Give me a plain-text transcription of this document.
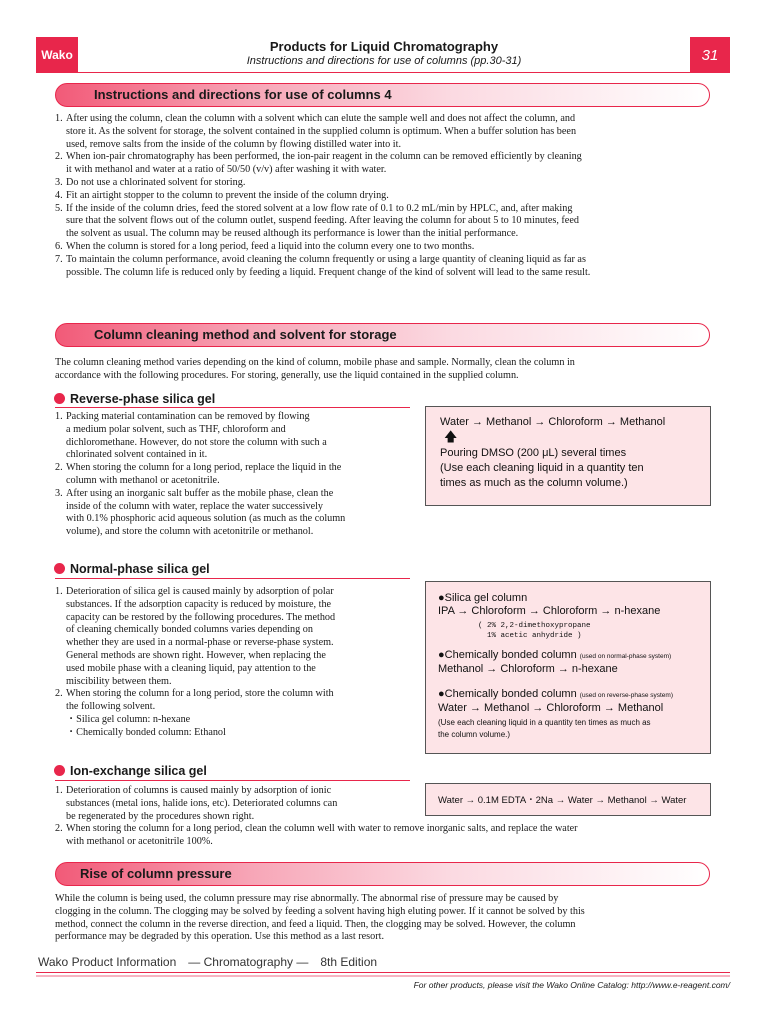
Wako
Products for Liquid Chromatography
Instructions and directions for use of columns (pp.30-31)	31
Instructions and directions for use of columns 4
1. After using the column, clean the column with a solvent which can elute the sample well and does not affect the column, and
store it. As the solvent for storage, the solvent contained in the supplied column is optimum. When a buffer solution has been
used, remove salts from the inside of the column by flowing distilled water into it.
2. When ion-pair chromatography has been performed, the ion-pair reagent in the column can be removed efficiently by cleaning
it with methanol and water at a ratio of 50/50 (v/v) after washing it with water.
3. Do not use a chlorinated solvent for storing.
4. Fit an airtight stopper to the column to prevent the inside of the column drying.
5. If the inside of the column dries, feed the stored solvent at a low flow rate of 0.1 to 0.2 mL/min by HPLC, and, after making
sure that the solvent flows out of the column outlet, suspend feeding. After leaving the column for about 5 to 10 minutes, feed
the solvent as usual. The column may be reused although its performance is lower than the initial performance.
6. When the column is stored for a long period, feed a liquid into the column every one to two months.
7. To maintain the column performance, avoid cleaning the column frequently or using a large quantity of cleaning liquid as far as
possible. The column life is reduced only by feeding a liquid. Frequent change of the kind of solvent will lead to the same result.
Column cleaning method and solvent for storage
The column cleaning method varies depending on the kind of column, mobile phase and sample. Normally, clean the column in
accordance with the following procedures. For storing, generally, use the liquid contained in the supplied column.
Reverse-phase silica gel
1. Packing material contamination can be removed by flowing
a medium polar solvent, such as THF, chloroform and
dichloromethane. However, do not store the column with such a
chlorinated solvent contained in it.
2. When storing the column for a long period, replace the liquid in the
column with methanol or acetonitrile.
3. After using an inorganic salt buffer as the mobile phase, clean the
inside of the column with water, replace the water successively
with 0.1% phosphoric acid aqueous solution (as much as the column
volume), and store the column with acetonitrile or methanol.
Water → Methanol → Chloroform → Methanol
🡅
Pouring DMSO (200 μL) several times
(Use each cleaning liquid in a quantity ten
times as much as the column volume.)
Normal-phase silica gel
1. Deterioration of silica gel is caused mainly by adsorption of polar
substances. If the adsorption capacity is reduced by moisture, the
capacity can be restored by the following procedures. The method
of cleaning chemically bonded columns varies depending on
whether they are used in a normal-phase or reverse-phase system.
General methods are shown right. However, when replacing the
used mobile phase with a cleaning liquid, pay attention to the
miscibility between them.
2. When storing the column for a long period, store the column with
the following solvent.
・Silica gel column: n-hexane
・Chemically bonded column: Ethanol
●Silica gel column
IPA → Chloroform → Chloroform → n-hexane
( 2% 2,2-dimethoxypropane
1% acetic anhydride )
●Chemically bonded column (used on normal-phase system)
Methanol → Chloroform → n-hexane
●Chemically bonded column (used on reverse-phase system)
Water → Methanol → Chloroform → Methanol
(Use each cleaning liquid in a quantity ten times as much as
the column volume.)
Ion-exchange silica gel
1. Deterioration of columns is caused mainly by adsorption of ionic
substances (metal ions, halide ions, etc). Deteriorated columns can
be regenerated by the procedures shown right.
2. When storing the column for a long period, clean the column well with water to remove inorganic salts, and replace the water
with methanol or acetonitrile 100%.
Water → 0.1M EDTA・2Na → Water → Methanol → Water
Rise of column pressure
While the column is being used, the column pressure may rise abnormally. The abnormal rise of pressure may be caused by
clogging in the column. The clogging may be solved by feeding a solvent having high eluting power. If it cannot be solved by this
method, connect the column in the reverse direction, and feed a liquid. Then, the clogging may be solved. However, the column
performance may be degraded by this operation. Use this method as a last resort.
Wako Product Information　— Chromatography —　8th Edition
For other products, please visit the Wako Online Catalog: http://www.e-reagent.com/
